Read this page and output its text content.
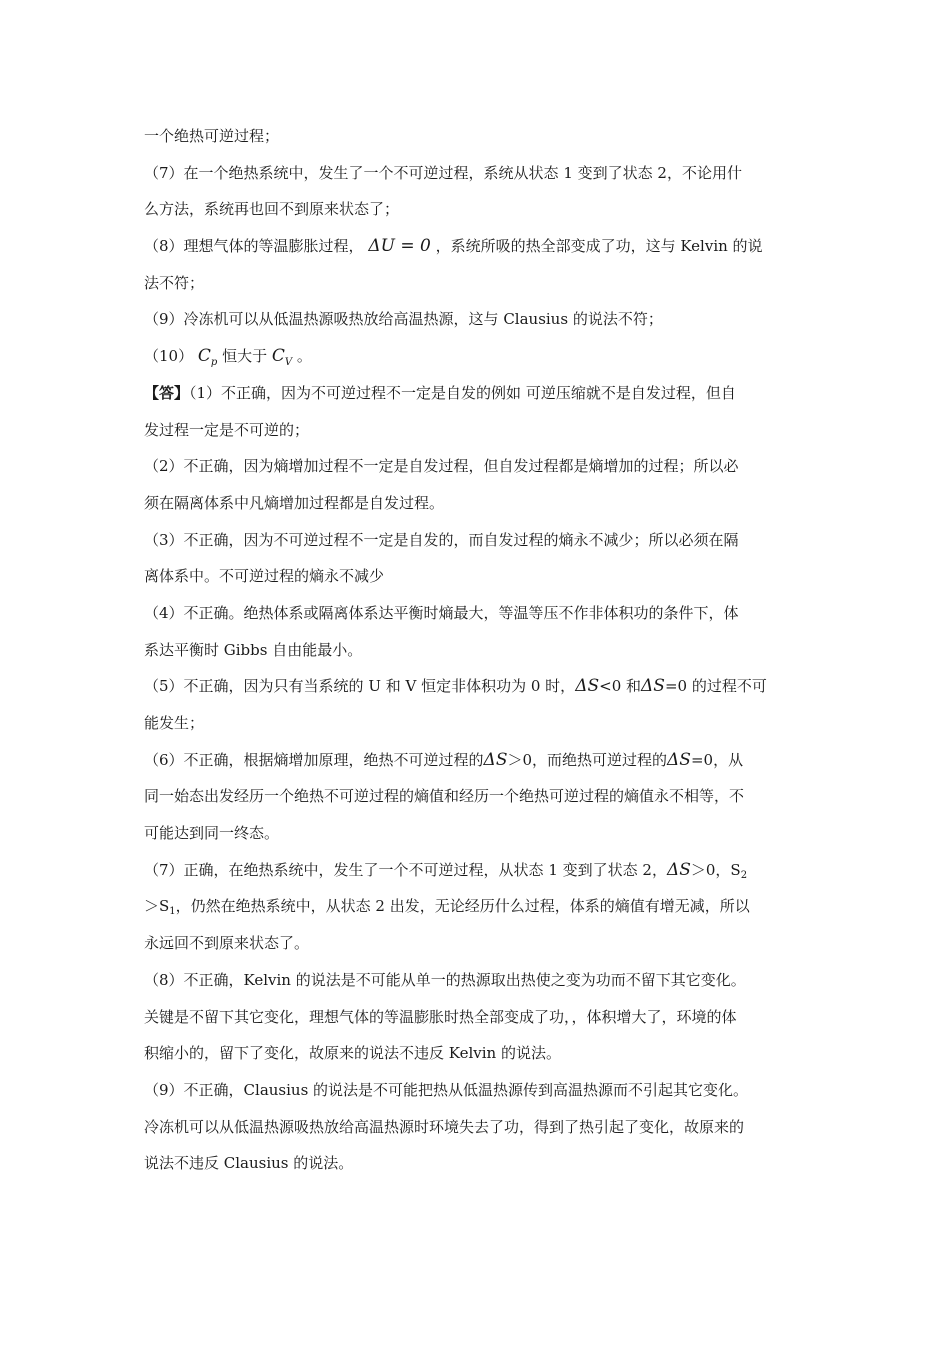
一个绝热可逆过程；
（7）在一个绝热系统中，发生了一个不可逆过程，系统从状态 1 变到了状态 2，不论用什
么方法，系统再也回不到原来状态了；
（8）理想气体的等温膨胀过程， ΔU = 0 ，系统所吸的热全部变成了功，这与 Kelvin 的说
法不符；
（9）冷冻机可以从低温热源吸热放给高温热源，这与 Clausius 的说法不符；
（10） $C_p$ 恒大于 $C_V$ 。
【答】（1）不正确，因为不可逆过程不一定是自发的例如 可逆压缩就不是自发过程，但自
发过程一定是不可逆的；
（2）不正确，因为熵增加过程不一定是自发过程，但自发过程都是熵增加的过程；所以必
须在隔离体系中凡熵增加过程都是自发过程。
（3）不正确，因为不可逆过程不一定是自发的，而自发过程的熵永不减少；所以必须在隔
离体系中。不可逆过程的熵永不减少
（4）不正确。绝热体系或隔离体系达平衡时熵最大，等温等压不作非体积功的条件下，体
系达平衡时 Gibbs 自由能最小。
（5）不正确，因为只有当系统的 U 和 V 恒定非体积功为 0 时，ΔS<0 和ΔS=0 的过程不可
能发生；
（6）不正确，根据熵增加原理，绝热不可逆过程的ΔS＞0，而绝热可逆过程的ΔS=0，从
同一始态出发经历一个绝热不可逆过程的熵值和经历一个绝热可逆过程的熵值永不相等，不
可能达到同一终态。
（7）正确，在绝热系统中，发生了一个不可逆过程，从状态 1 变到了状态 2，ΔS＞0，$S_2$
$>S_1$，仍然在绝热系统中，从状态 2 出发，无论经历什么过程，体系的熵值有增无减，所以
永远回不到原来状态了。
（8）不正确，Kelvin 的说法是不可能从单一的热源取出热使之变为功而不留下其它变化。
关键是不留下其它变化，理想气体的等温膨胀时热全部变成了功，，体积增大了，环境的体
积缩小的，留下了变化，故原来的说法不违反 Kelvin 的说法。
（9）不正确，Clausius 的说法是不可能把热从低温热源传到高温热源而不引起其它变化。
冷冻机可以从低温热源吸热放给高温热源时环境失去了功，得到了热引起了变化，故原来的
说法不违反 Clausius 的说法。
